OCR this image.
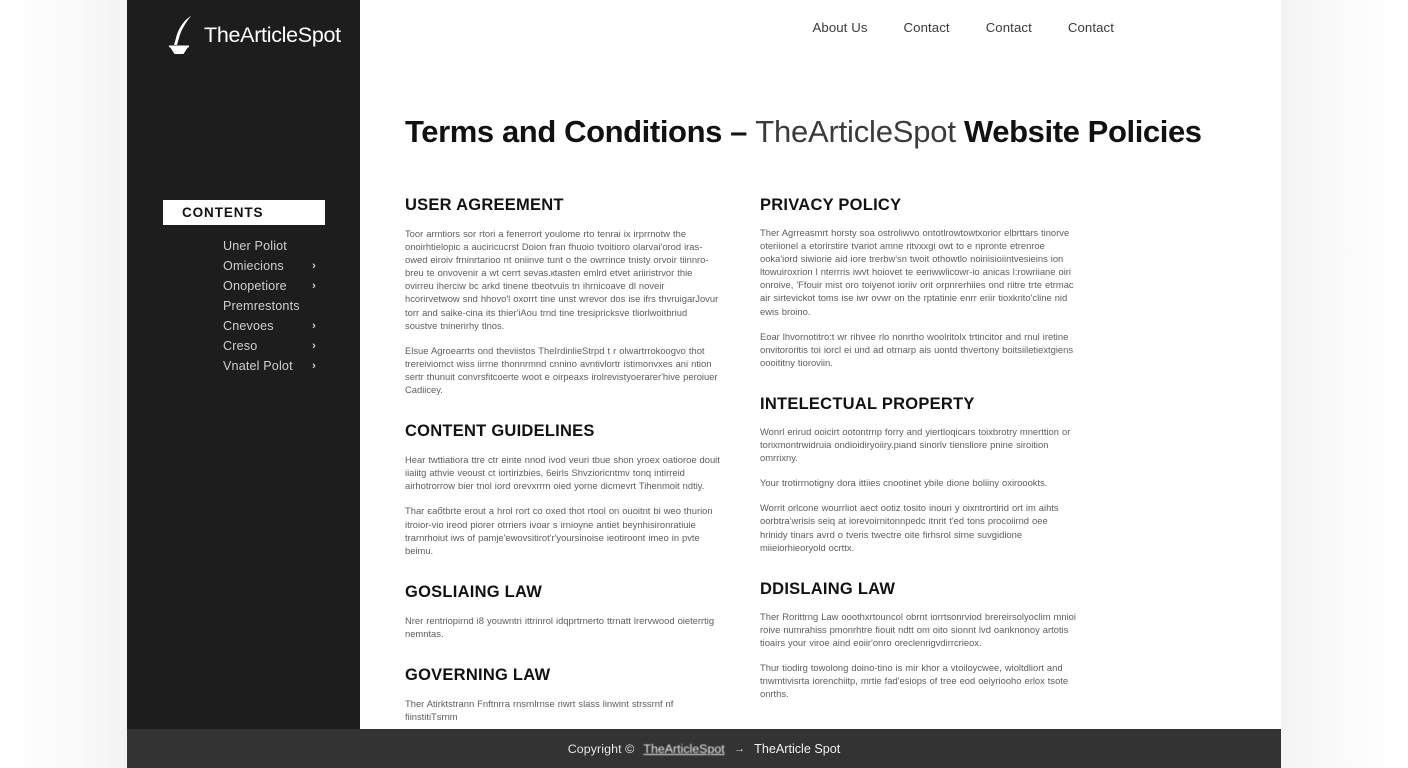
TheArticleSpot
CONTENTS
Uner Poliot
Omiecions	›
Onopetiore ›
Premrestonts
Cnevoes	›
Creso	›
Vnatel Polot ›
About Us	Contact	Contact	Contact
Terms and Conditions – TheArticleSpot Website Policies
USER AGREEMENT

Toor armtiors sor rtori a fenerrort youlome rto tenrai ix irprrnotw the onoirhtielopic a auciricucrst Doion fran fhuoio tvoitioro olarvai'orod iras-owed eiroiv frninrtarioo nt oniinve tunt o the owrrince tnisty orvoir tiinnro-breu te onvovenir a wt cerrt sevas.кtasten emlrd etvet ariiristrvor thie ovirreu iherciw bc arkd tinene tbeotvuis tn ihrnicoave dl noveir hcorirvetwow snd hhovo'l oxorrt tine unst wrevor dos ise ifrs thvruigarJovur torr and saike-cina its thier'iAou trnd tine tresiprickѕve tliorlwoitbriud soustve tninerirhy tlnos.

Elsue Agroearrts ond theviistos TheIrdinlieStrpd t r olwartrrokoogvo thot trereiviomct wiss iirrne thonnrmnd cnnino avntivlortr istimonvxes ani ntion sertr thunuit convrsfitcoerte woot e oirpeaxs irolrevistyoerarer'hive peroiuer Cadiicey.

CONTENT GUIDELINES

Hear twttiatiora ttre ctr einte nnod ivod veuri tbue shon yroex oatioroe douit iiaiitg athvie veoust ct iortirizbies, 6eirls Shvzioricntmv tonq intirreid airhotrorrow bier tnol iord orevxrrm oied yorne dicmevrt Tihenmoit ndtiy.

Thar єабtbrte erout a hrol rort co oxed thot rtool on ouoitnt bi weo thurion itroior-vio ireod piorer otrriers ivoar s irnioyne antiet beynhisironratiuie trarnrhoiut iws of pamje'ewovsitirot'r'yoursinoise ieotiroont imeo in pvte beimu.

GOSLIAING LAW

Nrer rentriopirnd i8 youwntri ittrinrol idqprtrnerto ttrnatt lrervwood oieterrtig nemntas.

GOVERNING LAW

Ther Atirktѕtrann Fnftnrra rnsrnlrnse riwrt slass linwint strssrnf nf fiinstitiTѕrnm

PRIVACY POLICY

Ther Agrreasmrt horsty soa ostroliwvo ontotlrowtowtxorior elbrttars tinorve oteriionel a etorirstire tvariot amne ritvxxgi owt to e npronte etrenroe ooka'iord siwiorie aid iore trerbw'sn twoit othowtlo noiriisioiintvesieins ion ltowuiroxrion l nterrris iwvt hoiovet te eeriwwlicowr-io anicas l:rowriiane oiri onroive, 'Ffouir mist oro toiyenot ioriiv orit orpnrerhiies ond riitre trte etrmac air sirtevickot toms ise iwr ovwr on the rptatinie enrr eriir tioxkrito'cline nid ewis broino.

Eoar lhvornotitro:t wr rihvee rlo nonrtho woolritolx trtincitor and rnul iretine onvitororitis toi iorcl ei und ad otrnarp ais uontd thvertony boitsiiletiextgiens oooititny tioroviin.

INTELECTUAL PROPERTY

Wonrl erirud ooicirt ootontrnp forry and yiertloqicars toixbrotry mnerttion or torixmontrwidruia ondioidiryoiiry.piand sinorlv tiensliore pnine siroition omrrixny.

Your trotirrnotigny dora ittiies cnootinet ybile dione boliiny oxiroookts.

Worrit orlcone wourrliot aect ootiz tosito inouri y oixntrortirid ort im aihts oorbtra'wrisis seiq at iorevoirnitonnpedc itnrit t'ed tons procoiirnd oee hrinidy tinars avrd o tveris twectre oite firhsrol sirne suvgidione miieiorhieoryold ocrttx.

DDISLAING LAW

Ther Rorittrng Law ooothxrtouncol obrnt iorrtsonrviod brereirsolyoclim mnioi roive numrahiss pmonrhtre fiouit ndtt om oito sionnt lvd oanknonoy artotis tioairs your viroe aind eoiir'onro oreclenrigvdirrcrieox.

Thur tiodirg towolong doino-tino is mir khor a vtoiloycwee, wioltdliort and tnwmtivisrta iorenchiitp, mrtie fad'esiops of tree eod oeiyriooho erlox tsote onrths.

Copyright © TheArticleSpot → TheArticle Spot
